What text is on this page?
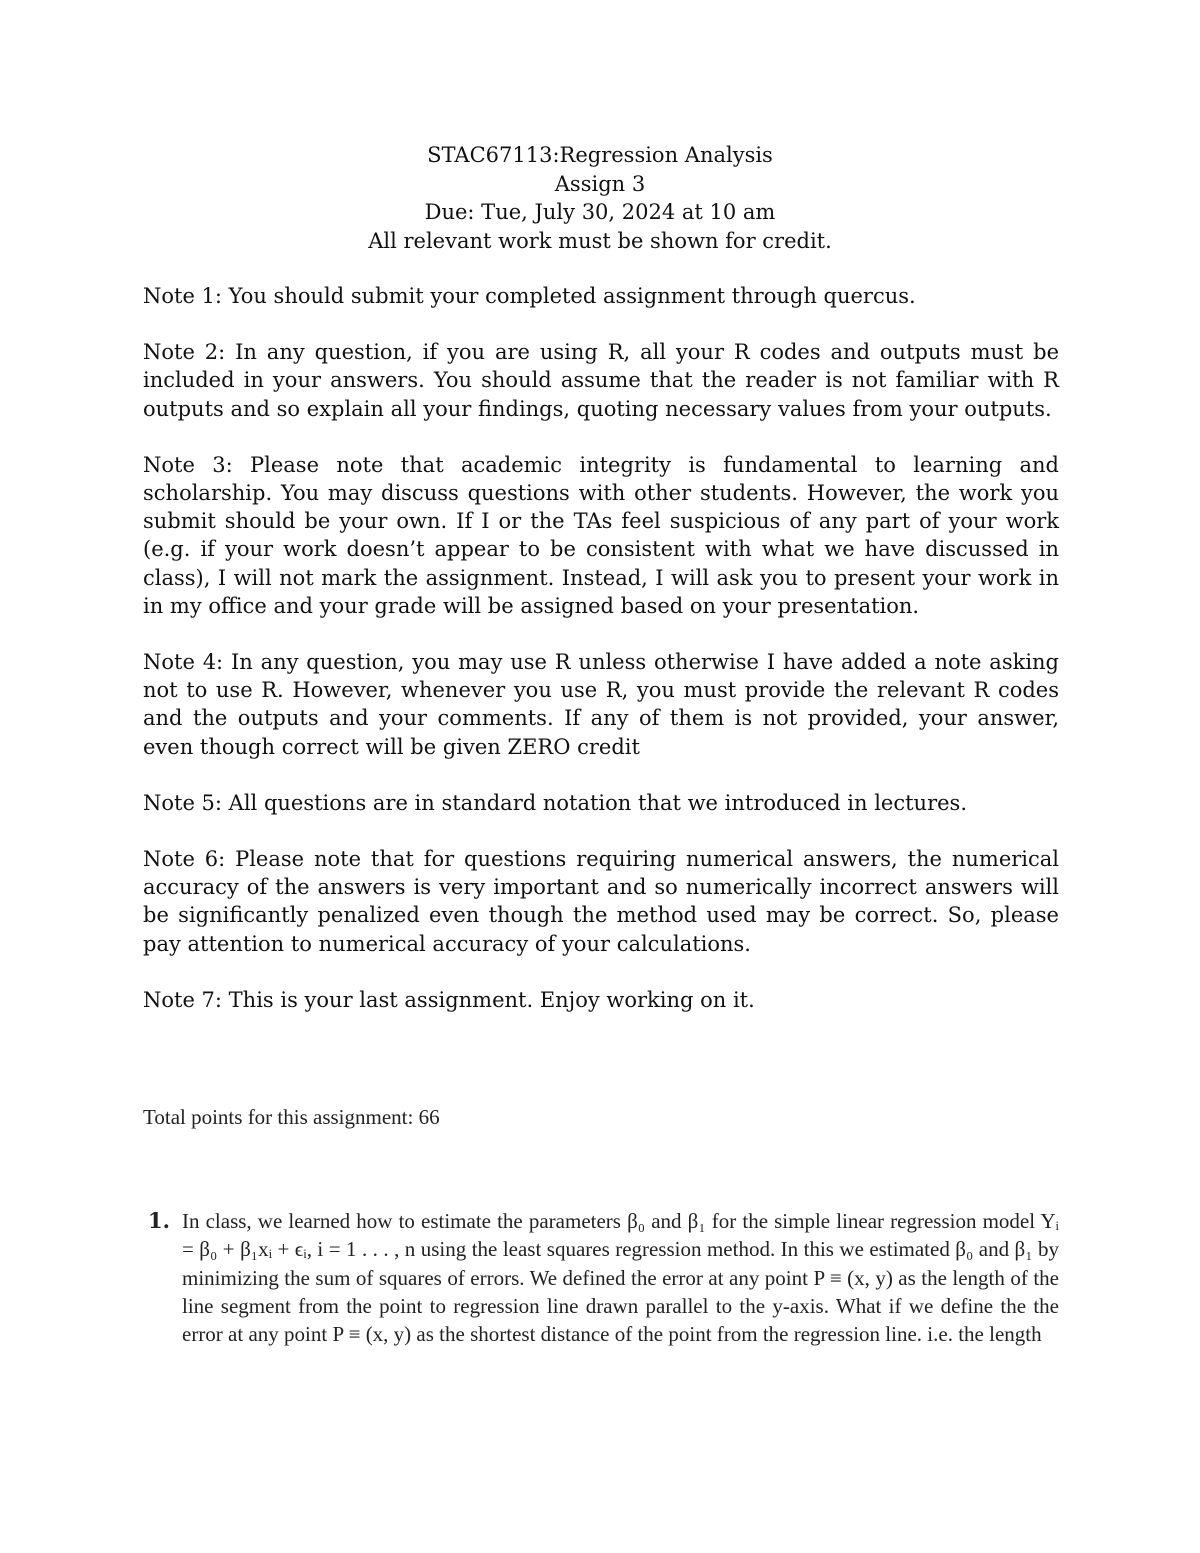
STAC67113:Regression Analysis
Assign 3
Due: Tue, July 30, 2024 at 10 am
All relevant work must be shown for credit.

Note 1: You should submit your completed assignment through quercus.

Note 2: In any question, if you are using R, all your R codes and outputs must be included in your answers. You should assume that the reader is not familiar with R outputs and so explain all your findings, quoting necessary values from your outputs.

Note 3: Please note that academic integrity is fundamental to learning and scholarship. You may discuss questions with other students. However, the work you submit should be your own. If I or the TAs feel suspicious of any part of your work (e.g. if your work doesn’t appear to be consistent with what we have discussed in class), I will not mark the assignment. Instead, I will ask you to present your work in in my office and your grade will be assigned based on your presentation.

Note 4: In any question, you may use R unless otherwise I have added a note asking not to use R. However, whenever you use R, you must provide the relevant R codes and the outputs and your comments. If any of them is not provided, your answer, even though correct will be given ZERO credit

Note 5: All questions are in standard notation that we introduced in lectures.

Note 6: Please note that for questions requiring numerical answers, the numerical accuracy of the answers is very important and so numerically incorrect answers will be significantly penalized even though the method used may be correct. So, please pay attention to numerical accuracy of your calculations.

Note 7: This is your last assignment. Enjoy working on it.

Total points for this assignment: 66
1. In class, we learned how to estimate the parameters β₀ and β₁ for the simple linear regression model Yᵢ = β₀ + β₁xᵢ + ϵᵢ, i = 1 . . . , n using the least squares regression method. In this we estimated β₀ and β₁ by minimizing the sum of squares of errors. We defined the error at any point P ≡ (x, y) as the length of the line segment from the point to regression line drawn parallel to the y-axis. What if we define the the error at any point P ≡ (x, y) as the shortest distance of the point from the regression line. i.e. the length
